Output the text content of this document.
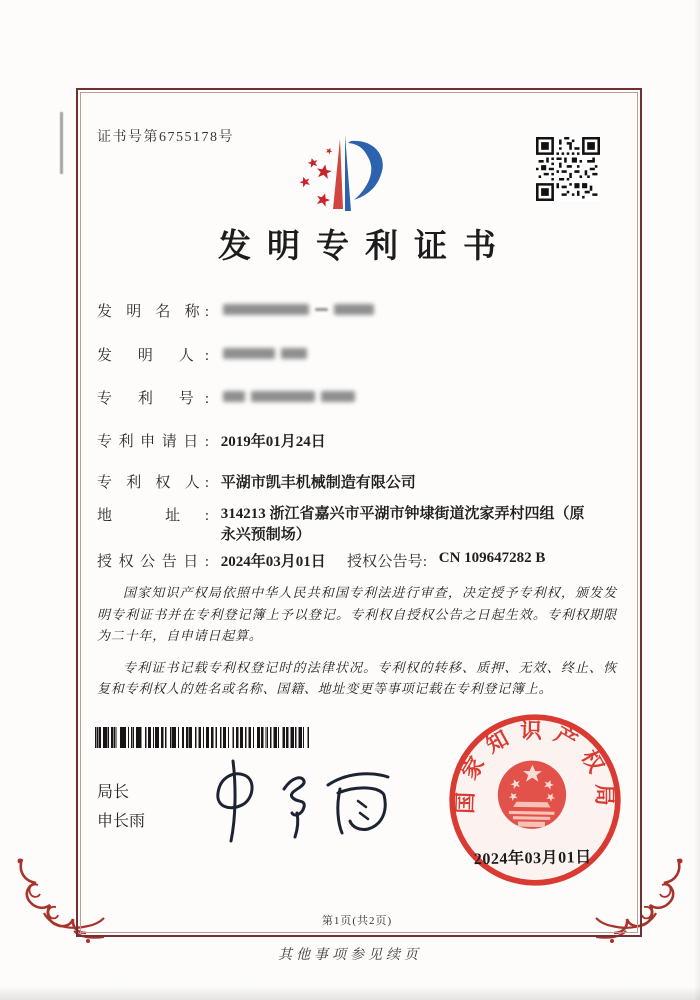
证书号第6755178号
发明专利证书
发 明 名 称:
发 明 人:
专 利 号:
专利申请日: 2019年01月24日
专 利 权 人: 平湖市凯丰机械制造有限公司
地 址: 314213 浙江省嘉兴市平湖市钟埭街道沈家弄村四组（原永兴预制场）
授权公告日: 2024年03月01日 授权公告号: CN 109647282 B

国家知识产权局依照中华人民共和国专利法进行审查，决定授予专利权，颁发发明专利证书并在专利登记簿上予以登记。专利权自授权公告之日起生效。专利权期限为二十年，自申请日起算。

专利证书记载专利权登记时的法律状况。专利权的转移、质押、无效、终止、恢复和专利权人的姓名或名称、国籍、地址变更等事项记载在专利登记簿上。

局长
申长雨
国家知识产权局
2024年03月01日
第1页(共2页)
其他事项参见续页
